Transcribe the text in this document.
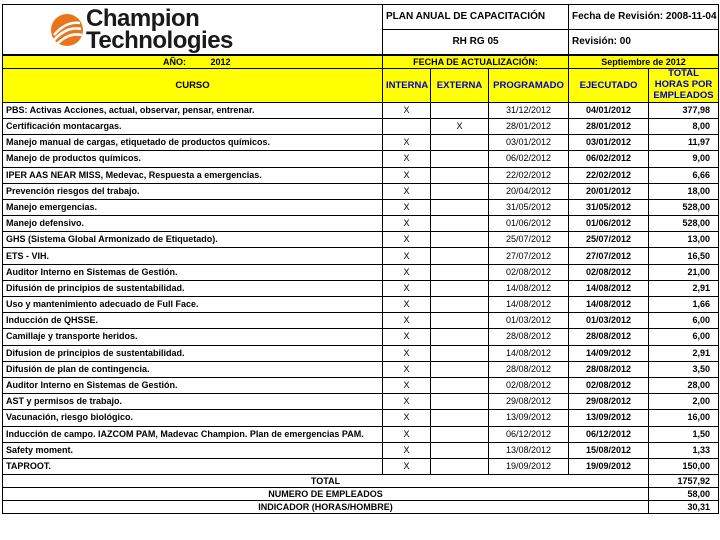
Champion
Technologies	PLAN ANUAL DE CAPACITACIÓN	Fecha de Revisión: 2008-11-04
	RH RG 05	Revisión: 00
AÑO: 2012	FECHA DE ACTUALIZACIÓN:			Septiembre de 2012	
CURSO	INTERNA	EXTERNA	PROGRAMADO	EJECUTADO	TOTAL HORAS POR EMPLEADOS
PBS: Activas Acciones, actual, observar, pensar, entrenar.	X		31/12/2012	04/01/2012	377,98
Certificación montacargas.		X	28/01/2012	28/01/2012	8,00
Manejo manual de cargas, etiquetado de productos químicos.	X		03/01/2012	03/01/2012	11,97
Manejo de productos químicos.	X		06/02/2012	06/02/2012	9,00
IPER AAS NEAR MISS, Medevac, Respuesta a emergencias.	X		22/02/2012	22/02/2012	6,66
Prevención riesgos del trabajo.	X		20/04/2012	20/01/2012	18,00
Manejo emergencias.	X		31/05/2012	31/05/2012	528,00
Manejo defensivo.	X		01/06/2012	01/06/2012	528,00
GHS (Sistema Global Armonizado de Etiquetado).	X		25/07/2012	25/07/2012	13,00
ETS - VIH.	X		27/07/2012	27/07/2012	16,50
Auditor Interno en Sistemas de Gestión.	X		02/08/2012	02/08/2012	21,00
Difusión de principios de sustentabilidad.	X		14/08/2012	14/08/2012	2,91
Uso y mantenimiento adecuado de Full Face.	X		14/08/2012	14/08/2012	1,66
Inducción de QHSSE.	X		01/03/2012	01/03/2012	6,00
Camillaje y transporte heridos.	X		28/08/2012	28/08/2012	6,00
Difusion de principios de sustentabilidad.	X		14/08/2012	14/09/2012	2,91
Difusión de plan de contingencia.	X		28/08/2012	28/08/2012	3,50
Auditor Interno en Sistemas de Gestión.	X		02/08/2012	02/08/2012	28,00
AST y permisos de trabajo.	X		29/08/2012	29/08/2012	2,00
Vacunación, riesgo biológico.	X		13/09/2012	13/09/2012	16,00
Inducción de campo. IAZCOM PAM, Madevac Champion. Plan de emergencias PAM.	X		06/12/2012	06/12/2012	1,50
Safety moment.	X		13/08/2012	15/08/2012	1,33
TAPROOT.	X		19/09/2012	19/09/2012	150,00
TOTAL					1757,92
NUMERO DE EMPLEADOS					58,00
INDICADOR (HORAS/HOMBRE)					30,31
